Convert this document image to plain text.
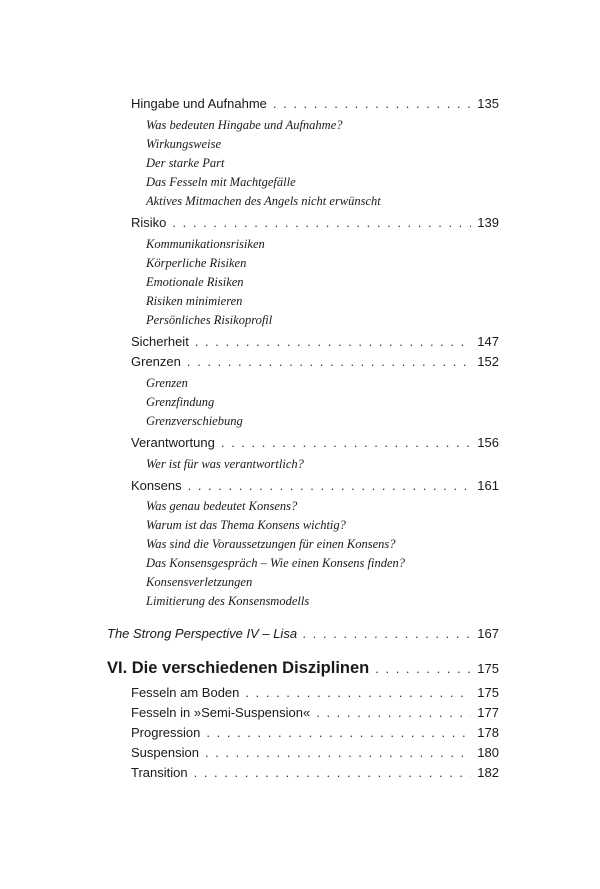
Hingabe und Aufnahme . . .	135
Was bedeuten Hingabe und Aufnahme?
Wirkungsweise
Der starke Part
Das Fesseln mit Machtgefälle
Aktives Mitmachen des Angels nicht erwünscht
Risiko . . .	139
Kommunikationsrisiken
Körperliche Risiken
Emotionale Risiken
Risiken minimieren
Persönliches Risikoprofil
Sicherheit . . .	147
Grenzen . . .	152
Grenzen
Grenzfindung
Grenzverschiebung
Verantwortung . . .	156
Wer ist für was verantwortlich?
Konsens . . .	161
Was genau bedeutet Konsens?
Warum ist das Thema Konsens wichtig?
Was sind die Voraussetzungen für einen Konsens?
Das Konsensgespräch – Wie einen Konsens finden?
Konsensverletzungen
Limitierung des Konsensmodells
The Strong Perspective IV – Lisa . . .	167
VI. Die verschiedenen Disziplinen . . .	175
Fesseln am Boden . . .	175
Fesseln in »Semi-Suspension« . . .	177
Progression . . .	178
Suspension . . .	180
Transition . . .	182
